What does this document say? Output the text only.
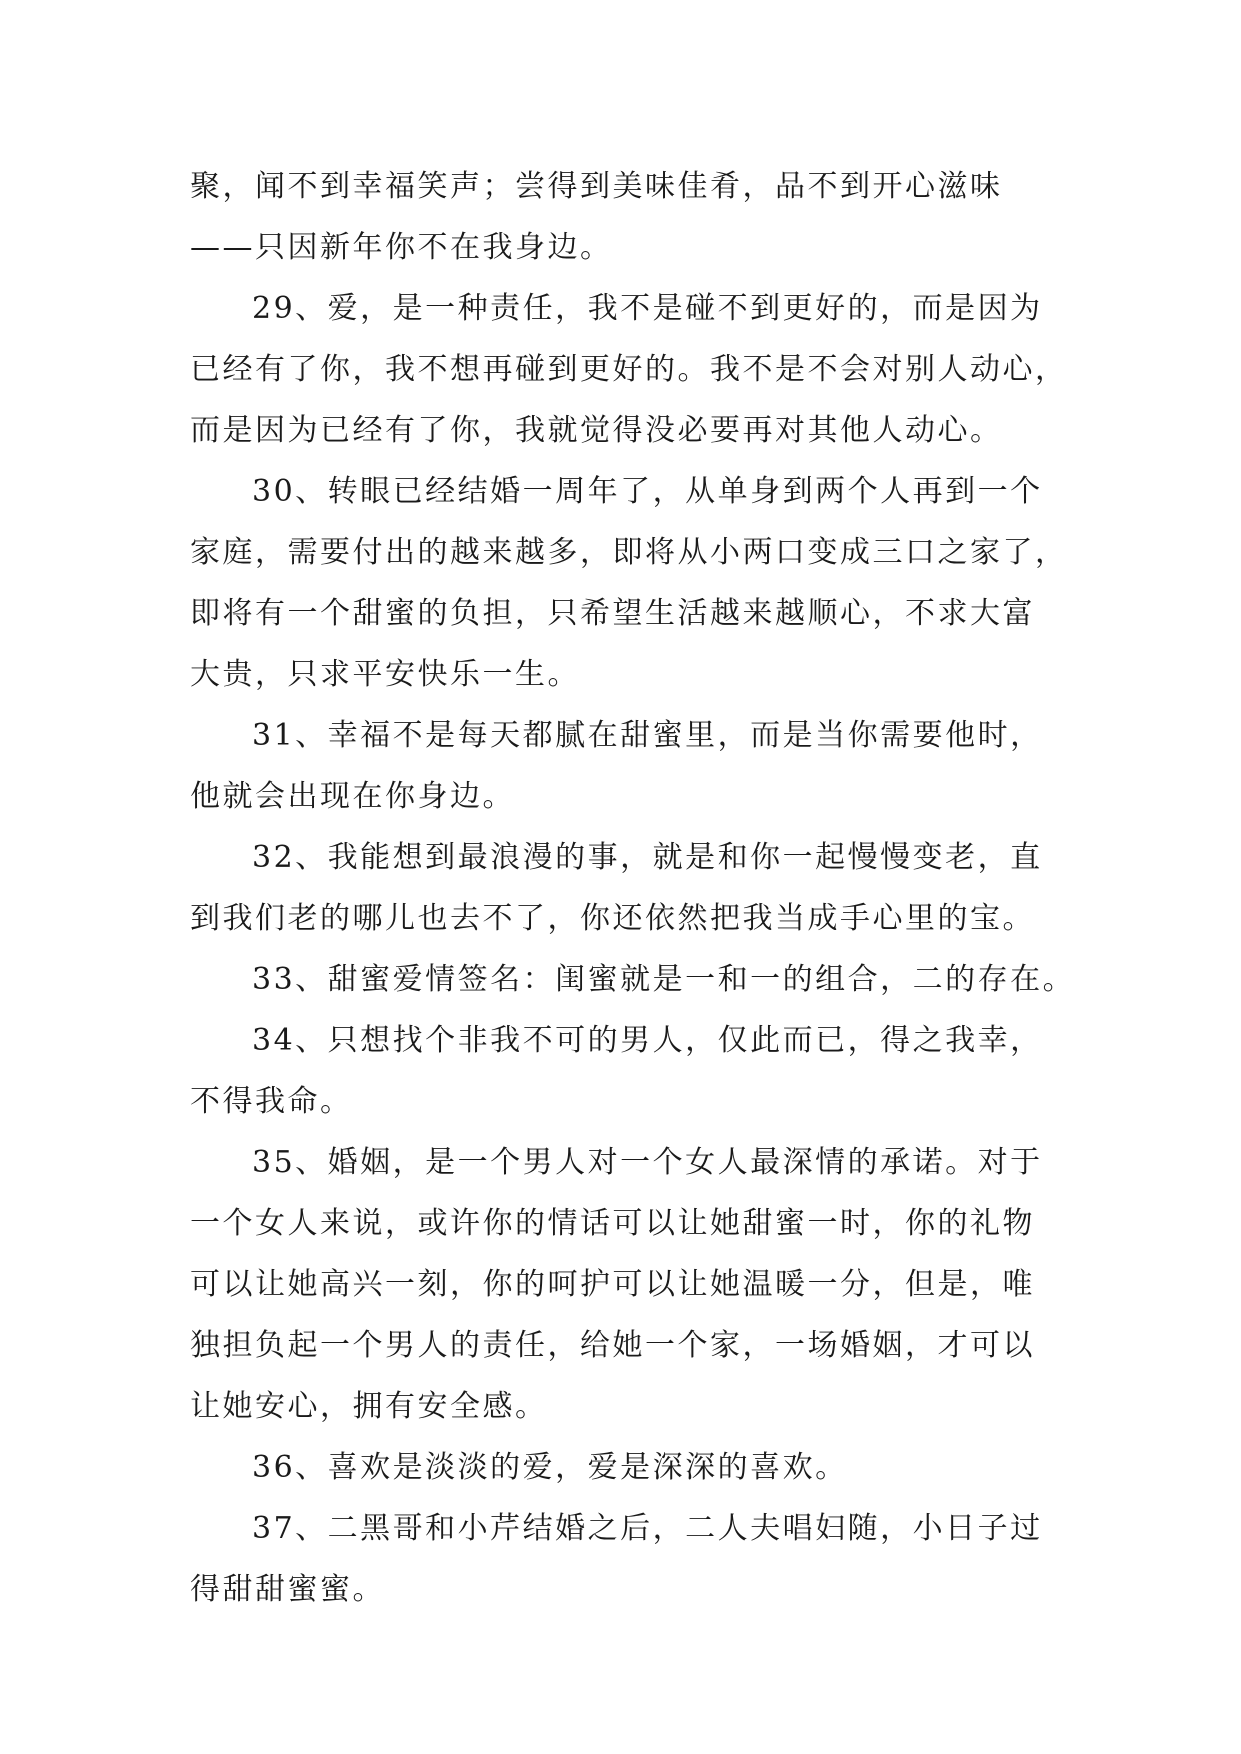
聚，闻不到幸福笑声；尝得到美味佳肴，品不到开心滋味
——只因新年你不在我身边。
29、爱，是一种责任，我不是碰不到更好的，而是因为
已经有了你，我不想再碰到更好的。我不是不会对别人动心，
而是因为已经有了你，我就觉得没必要再对其他人动心。
30、转眼已经结婚一周年了，从单身到两个人再到一个
家庭，需要付出的越来越多，即将从小两口变成三口之家了，
即将有一个甜蜜的负担，只希望生活越来越顺心，不求大富
大贵，只求平安快乐一生。
31、幸福不是每天都腻在甜蜜里，而是当你需要他时，
他就会出现在你身边。
32、我能想到最浪漫的事，就是和你一起慢慢变老，直
到我们老的哪儿也去不了，你还依然把我当成手心里的宝。
33、甜蜜爱情签名：闺蜜就是一和一的组合，二的存在。
34、只想找个非我不可的男人，仅此而已，得之我幸，
不得我命。
35、婚姻，是一个男人对一个女人最深情的承诺。对于
一个女人来说，或许你的情话可以让她甜蜜一时，你的礼物
可以让她高兴一刻，你的呵护可以让她温暖一分，但是，唯
独担负起一个男人的责任，给她一个家，一场婚姻，才可以
让她安心，拥有安全感。
36、喜欢是淡淡的爱，爱是深深的喜欢。
37、二黑哥和小芹结婚之后，二人夫唱妇随，小日子过
得甜甜蜜蜜。
